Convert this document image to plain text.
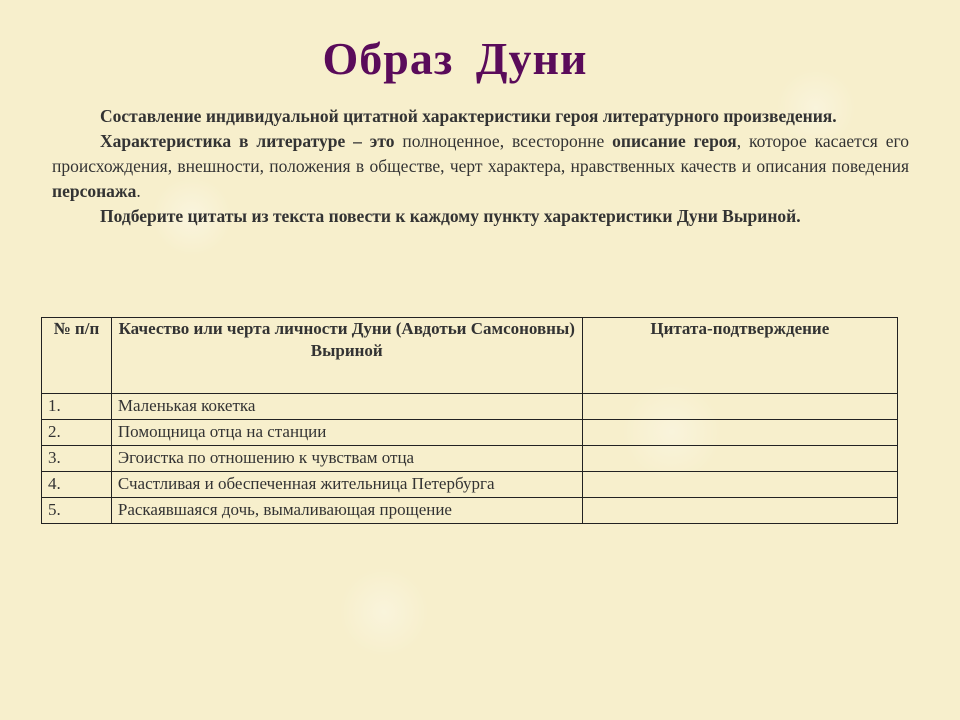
Образ Дуни

Составление индивидуальной цитатной характеристики героя литературного произведения.

Характеристика в литературе – это полноценное, всесторонне описание героя, которое касается его происхождения, внешности, положения в обществе, черт характера, нравственных качеств и описания поведения персонажа.

Подберите цитаты из текста повести к каждому пункту характеристики Дуни Выриной.

№ п/п	Качество или черта личности Дуни (Авдотьи Самсоновны) Выриной	Цитата-подтверждение
1.	Маленькая кокетка	
2.	Помощница отца на станции	
3.	Эгоистка по отношению к чувствам отца	
4.	Счастливая и обеспеченная жительница Петербурга	
5.	Раскаявшаяся дочь, вымаливающая прощение	
